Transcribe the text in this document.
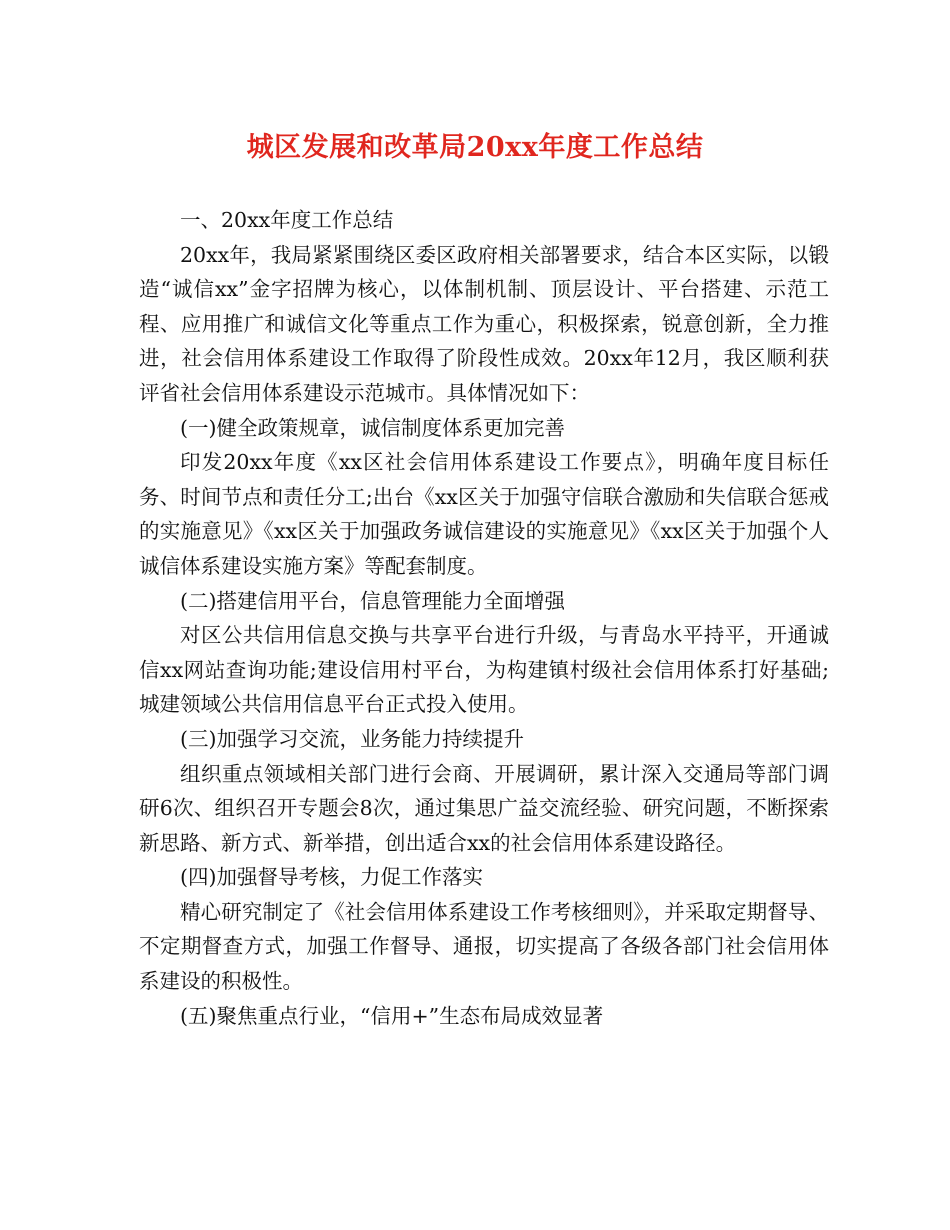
城区发展和改革局20xx年度工作总结

一、20xx年度工作总结

20xx年，我局紧紧围绕区委区政府相关部署要求，结合本区实际，以锻造“诚信xx”金字招牌为核心，以体制机制、顶层设计、平台搭建、示范工程、应用推广和诚信文化等重点工作为重心，积极探索，锐意创新，全力推进，社会信用体系建设工作取得了阶段性成效。20xx年12月，我区顺利获评省社会信用体系建设示范城市。具体情况如下：

(一)健全政策规章，诚信制度体系更加完善

印发20xx年度《xx区社会信用体系建设工作要点》，明确年度目标任务、时间节点和责任分工;出台《xx区关于加强守信联合激励和失信联合惩戒的实施意见》《xx区关于加强政务诚信建设的实施意见》《xx区关于加强个人诚信体系建设实施方案》等配套制度。

(二)搭建信用平台，信息管理能力全面增强

对区公共信用信息交换与共享平台进行升级，与青岛水平持平，开通诚信xx网站查询功能;建设信用村平台，为构建镇村级社会信用体系打好基础;城建领域公共信用信息平台正式投入使用。

(三)加强学习交流，业务能力持续提升

组织重点领域相关部门进行会商、开展调研，累计深入交通局等部门调研6次、组织召开专题会8次，通过集思广益交流经验、研究问题，不断探索新思路、新方式、新举措，创出适合xx的社会信用体系建设路径。

(四)加强督导考核，力促工作落实

精心研究制定了《社会信用体系建设工作考核细则》，并采取定期督导、不定期督查方式，加强工作督导、通报，切实提高了各级各部门社会信用体系建设的积极性。

(五)聚焦重点行业，“信用+”生态布局成效显著
